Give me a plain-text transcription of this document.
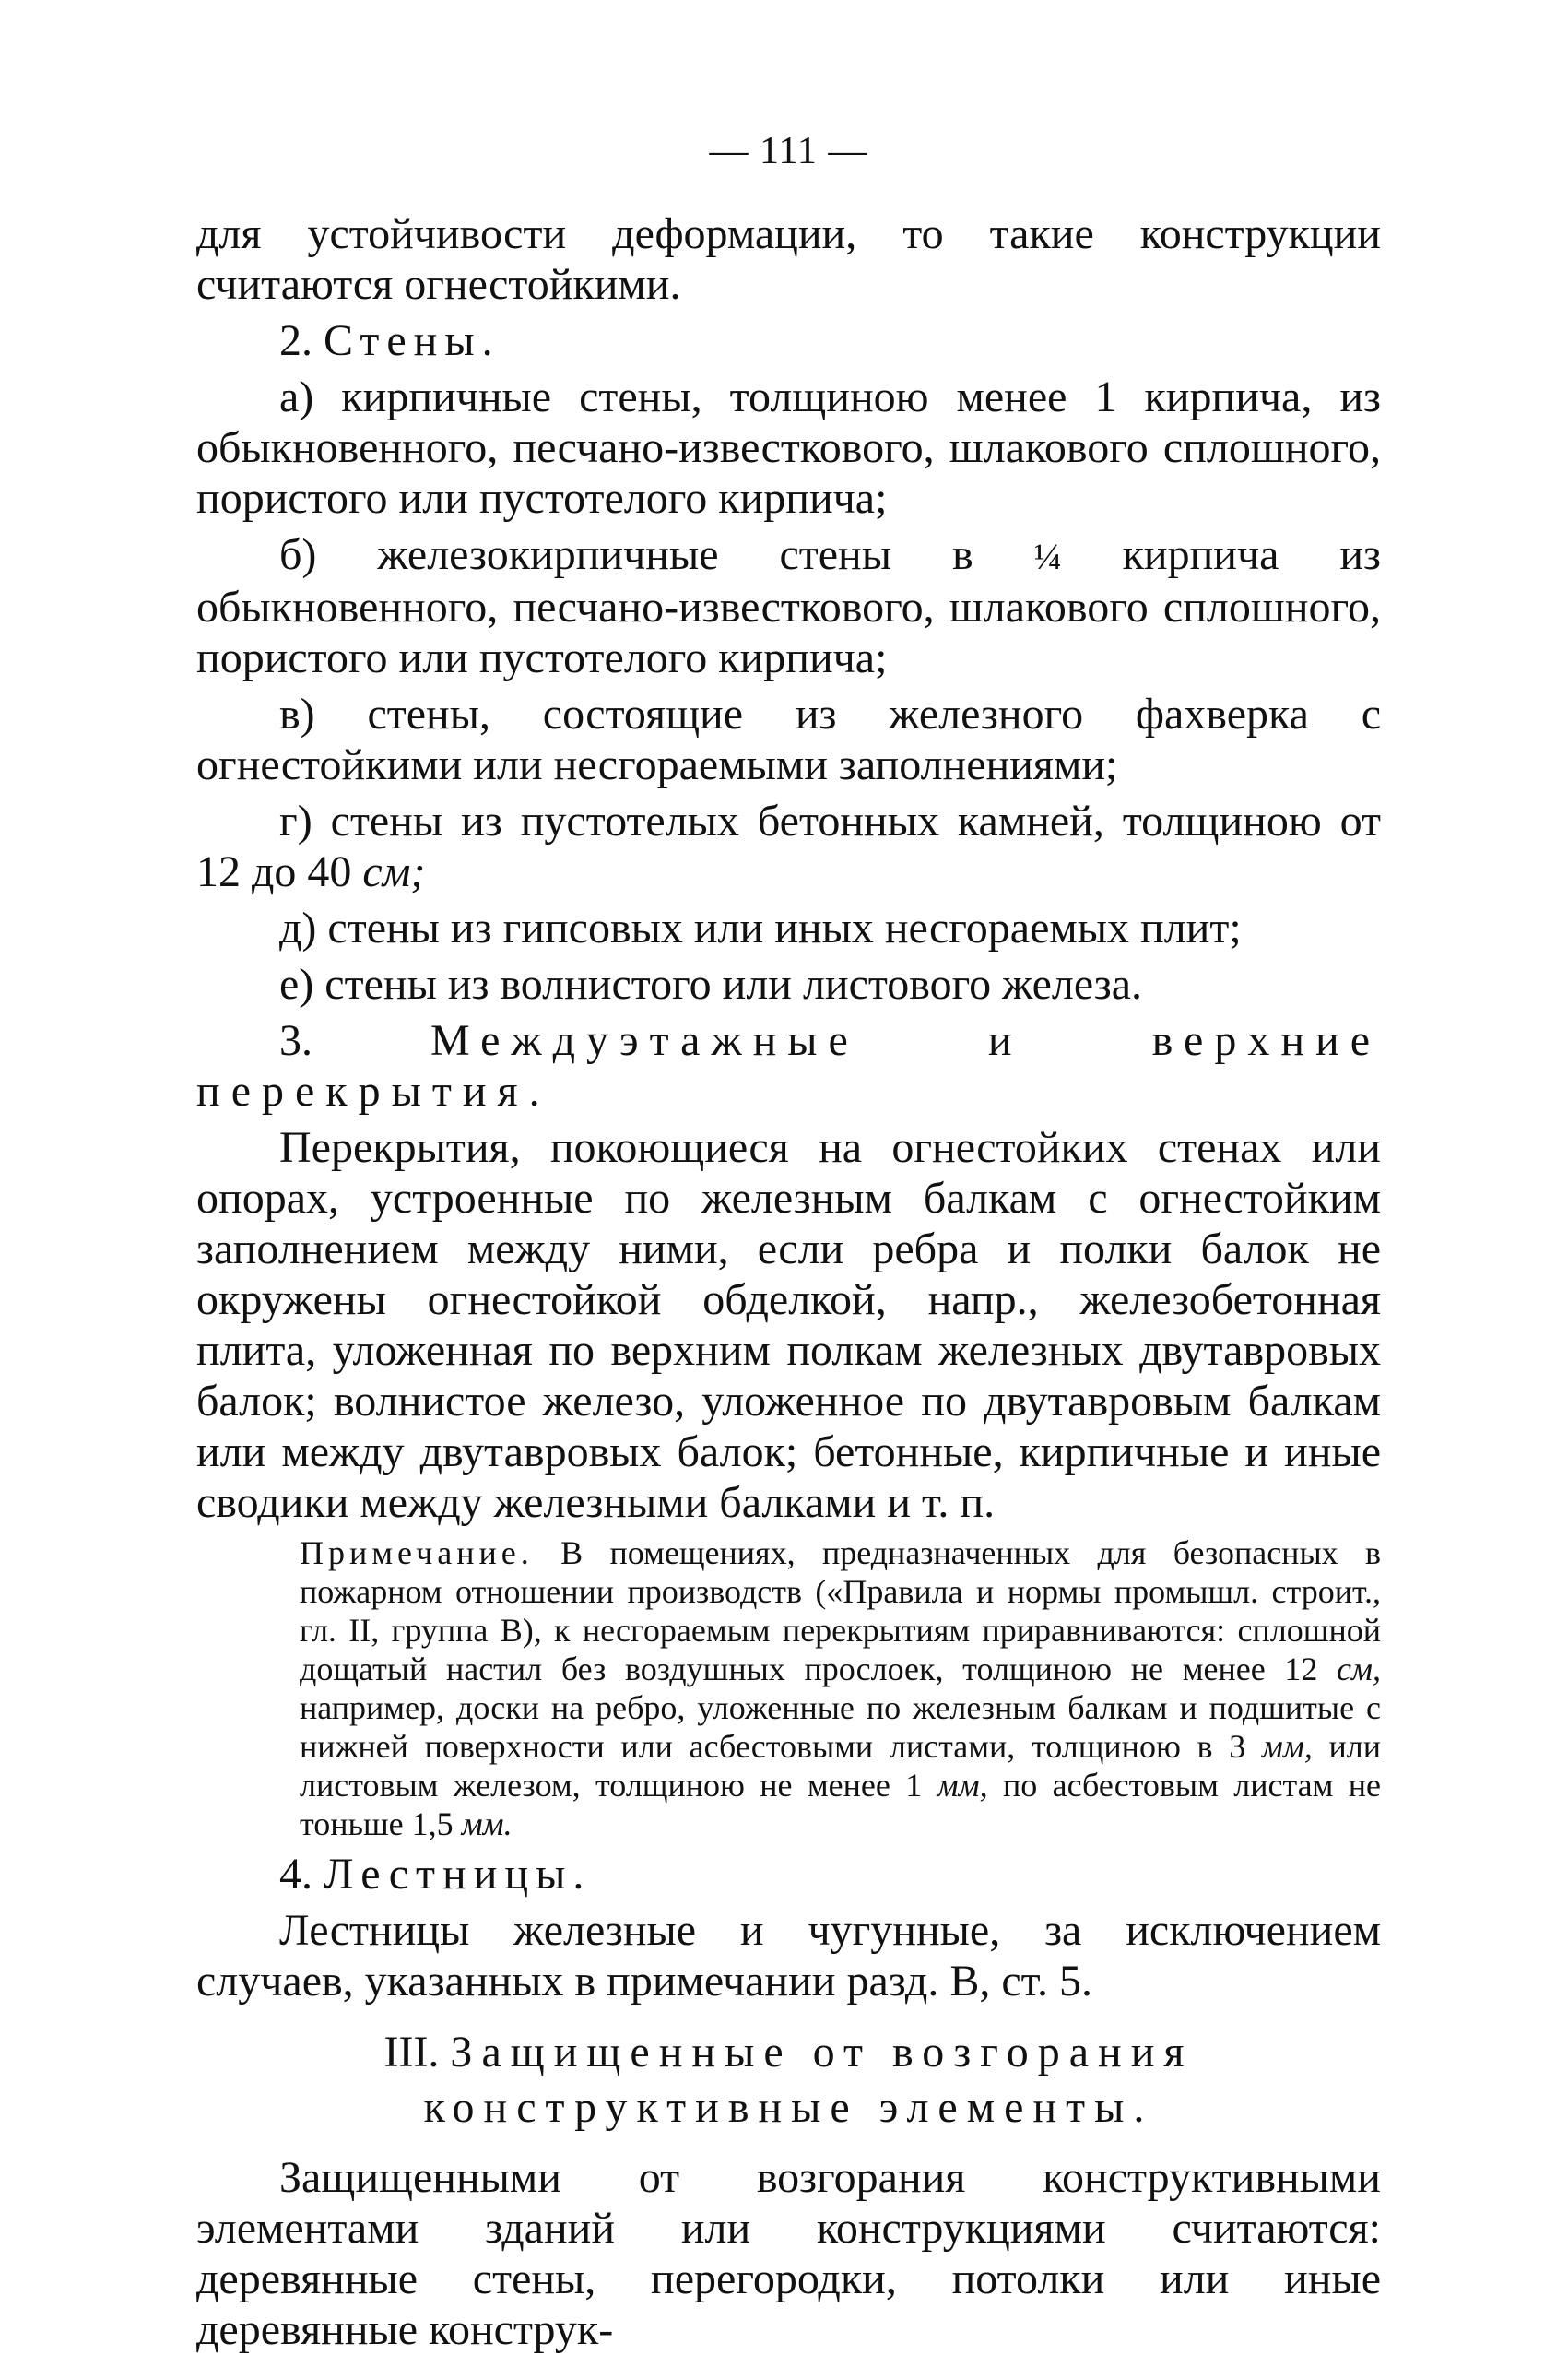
— 111 —

для устойчивости деформации, то такие конструкции считаются огнестойкими.

2. Стены.

а) кирпичные стены, толщиною менее 1 кирпича, из обыкновенного, песчано-известкового, шлакового сплошного, пористого или пустотелого кирпича;

б) железокирпичные стены в ¼ кирпича из обыкновенного, песчано-известкового, шлакового сплошного, пористого или пустотелого кирпича;

в) стены, состоящие из железного фахверка с огнестойкими или несгораемыми заполнениями;

г) стены из пустотелых бетонных камней, толщиною от 12 до 40 см;

д) стены из гипсовых или иных несгораемых плит;

е) стены из волнистого или листового железа.

3.	Междуэтажные и верхние перекрытия.

Перекрытия, покоющиеся на огнестойких стенах или опорах, устроенные по железным балкам с огнестойким заполнением между ними, если ребра и полки балок не окружены огнестойкой обделкой, напр., железобетонная плита, уложенная по верхним полкам железных двутавровых балок; волнистое железо, уложенное по двутавровым балкам или между двутавровых балок; бетонные, кирпичные и иные сводики между железными балками и т. п.

Примечание. В помещениях, предназначенных для безопасных в пожарном отношении производств («Правила и нормы промышл. строит., гл. II, группа В), к несгораемым перекрытиям приравниваются: сплошной дощатый настил без воздушных прослоек, толщиною не менее 12 см, например, доски на ребро, уложенные по железным балкам и подшитые с нижней поверхности или асбестовыми листами, толщиною в 3 мм, или листовым железом, толщиною не менее 1 мм, по асбестовым листам не тоньше 1,5 мм.

4. Лестницы.

Лестницы железные и чугунные, за исключением случаев, указанных в примечании разд. В, ст. 5.

III. Защищенные от возгорания конструктивные элементы.

Защищенными от возгорания конструктивными элементами зданий или конструкциями считаются: деревянные стены, перегородки, потолки или иные деревянные конструк-
